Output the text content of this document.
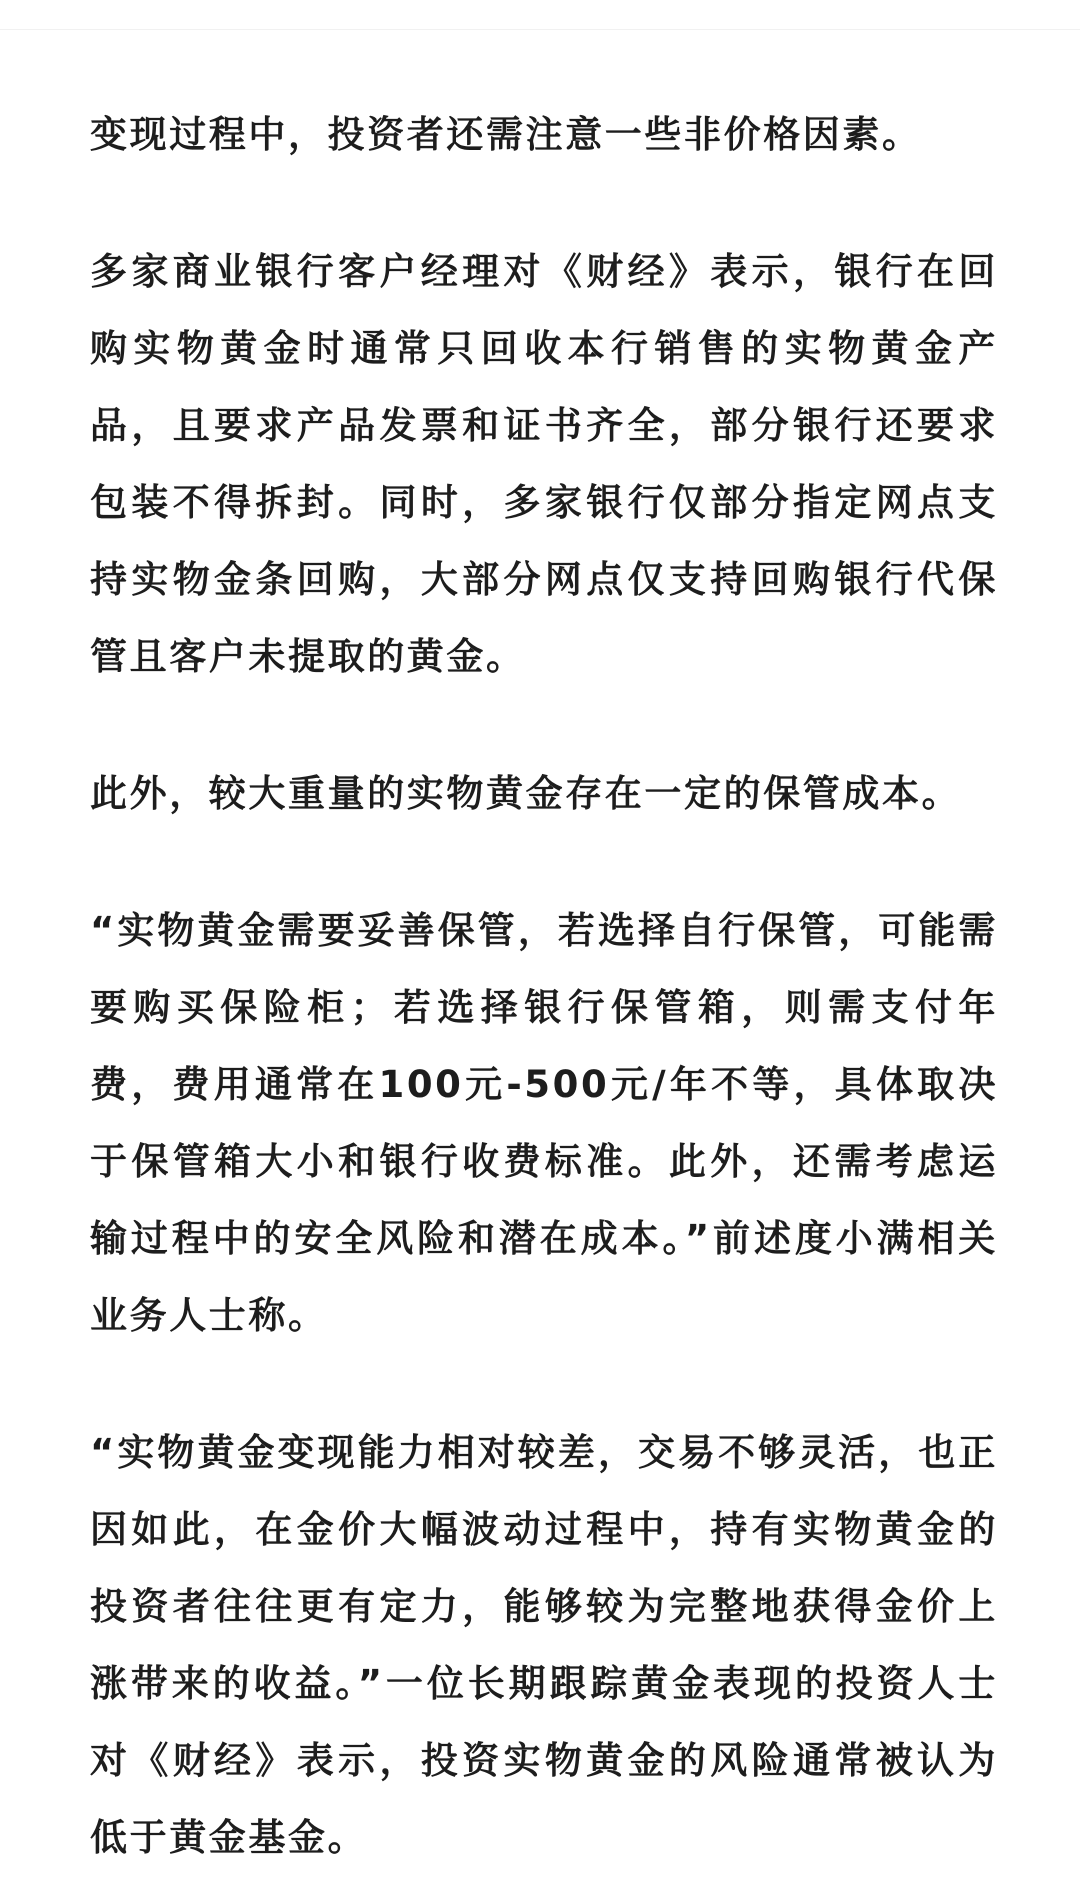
变现过程中，投资者还需注意一些非价格因素。

多家商业银行客户经理对《财经》表示，银行在回购实物黄金时通常只回收本行销售的实物黄金产品，且要求产品发票和证书齐全，部分银行还要求包装不得拆封。同时，多家银行仅部分指定网点支持实物金条回购，大部分网点仅支持回购银行代保管且客户未提取的黄金。

此外，较大重量的实物黄金存在一定的保管成本。

“实物黄金需要妥善保管，若选择自行保管，可能需要购买保险柜；若选择银行保管箱，则需支付年费，费用通常在100元-500元/年不等，具体取决于保管箱大小和银行收费标准。此外，还需考虑运输过程中的安全风险和潜在成本。”前述度小满相关业务人士称。

“实物黄金变现能力相对较差，交易不够灵活，也正因如此，在金价大幅波动过程中，持有实物黄金的投资者往往更有定力，能够较为完整地获得金价上涨带来的收益。”一位长期跟踪黄金表现的投资人士对《财经》表示，投资实物黄金的风险通常被认为低于黄金基金。
